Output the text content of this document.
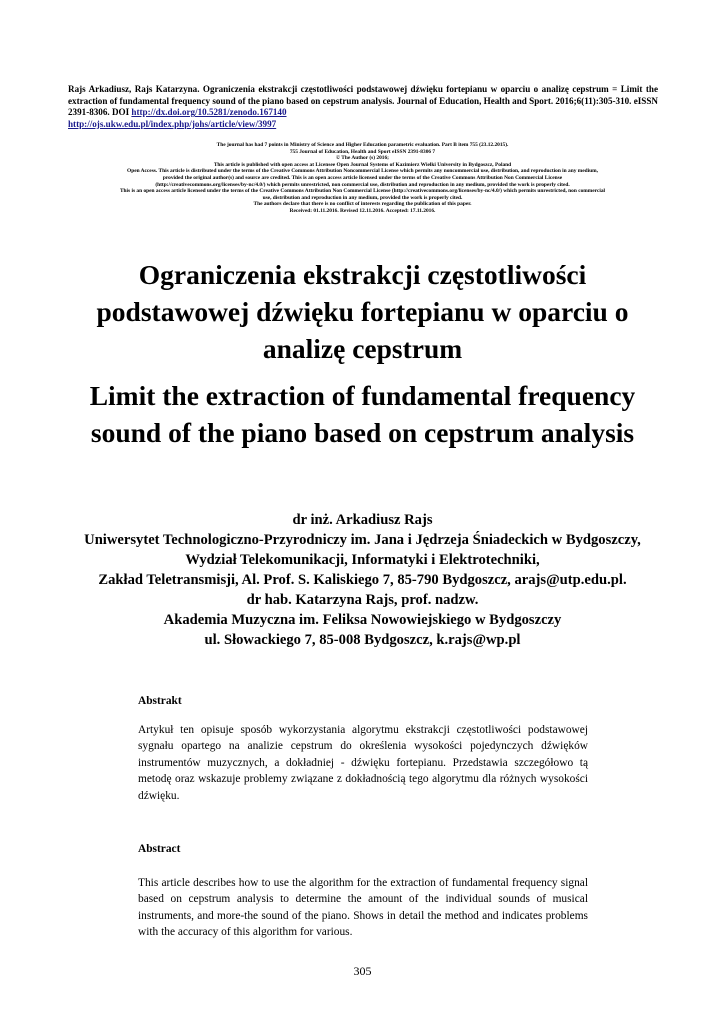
Rajs Arkadiusz, Rajs Katarzyna. Ograniczenia ekstrakcji częstotliwości podstawowej dźwięku fortepianu w oparciu o analizę cepstrum = Limit the extraction of fundamental frequency sound of the piano based on cepstrum analysis. Journal of Education, Health and Sport. 2016;6(11):305-310. eISSN 2391-8306. DOI http://dx.doi.org/10.5281/zenodo.167140
http://ojs.ukw.edu.pl/index.php/johs/article/view/3997
The journal has had 7 points in Ministry of Science and Higher Education parametric evaluation. Part B item 755 (23.12.2015).
755 Journal of Education, Health and Sport eISSN 2391-8306 7
© The Author (s) 2016;
This article is published with open access at Licensee Open Journal Systems of Kazimierz Wielki University in Bydgoszcz, Poland
Open Access. This article is distributed under the terms of the Creative Commons Attribution Noncommercial License which permits any noncommercial use, distribution, and reproduction in any medium,
provided the original author(s) and source are credited. This is an open access article licensed under the terms of the Creative Commons Attribution Non Commercial License
(http://creativecommons.org/licenses/by-nc/4.0/) which permits unrestricted, non commercial use, distribution and reproduction in any medium, provided the work is properly cited.
This is an open access article licensed under the terms of the Creative Commons Attribution Non Commercial License (http://creativecommons.org/licenses/by-nc/4.0/) which permits unrestricted, non commercial
use, distribution and reproduction in any medium, provided the work is properly cited.
The authors declare that there is no conflict of interests regarding the publication of this paper.
Received: 01.11.2016. Revised 12.11.2016. Accepted: 17.11.2016.
Ograniczenia ekstrakcji częstotliwości
podstawowej dźwięku fortepianu w oparciu o
analizę cepstrum
Limit the extraction of fundamental frequency
sound of the piano based on cepstrum analysis
dr inż. Arkadiusz Rajs
Uniwersytet Technologiczno-Przyrodniczy im. Jana i Jędrzeja Śniadeckich w Bydgoszczy,
Wydział Telekomunikacji, Informatyki i Elektrotechniki,
Zakład Teletransmisji, Al. Prof. S. Kaliskiego 7, 85-790 Bydgoszcz, arajs@utp.edu.pl.
dr hab. Katarzyna Rajs, prof. nadzw.
Akademia Muzyczna im. Feliksa Nowowiejskiego w Bydgoszczy
ul. Słowackiego 7, 85-008 Bydgoszcz, k.rajs@wp.pl
Abstrakt
Artykuł ten opisuje sposób wykorzystania algorytmu ekstrakcji częstotliwości podstawowej sygnału opartego na analizie cepstrum do określenia wysokości pojedynczych dźwięków instrumentów muzycznych, a dokładniej - dźwięku fortepianu. Przedstawia szczegółowo tą metodę oraz wskazuje problemy związane z dokładnością tego algorytmu dla różnych wysokości dźwięku.
Abstract
This article describes how to use the algorithm for the extraction of fundamental frequency signal based on cepstrum analysis to determine the amount of the individual sounds of musical instruments, and more-the sound of the piano. Shows in detail the method and indicates problems with the accuracy of this algorithm for various.
305
